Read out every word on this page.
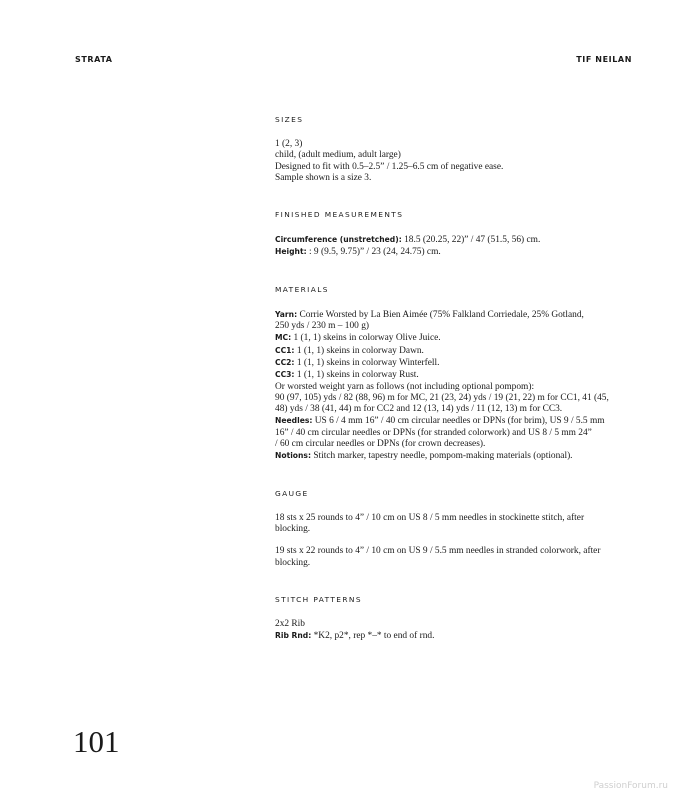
STRATA	TIF NEILAN
SIZES
1 (2, 3)
child, (adult medium, adult large)
Designed to fit with 0.5–2.5” / 1.25–6.5 cm of negative ease.
Sample shown is a size 3.
FINISHED MEASUREMENTS
Circumference (unstretched): 18.5 (20.25, 22)” / 47 (51.5, 56) cm.
Height: : 9 (9.5, 9.75)” / 23 (24, 24.75) cm.
MATERIALS
Yarn: Corrie Worsted by La Bien Aimée (75% Falkland Corriedale, 25% Gotland,
250 yds / 230 m – 100 g)
MC: 1 (1, 1) skeins in colorway Olive Juice.
CC1: 1 (1, 1) skeins in colorway Dawn.
CC2: 1 (1, 1) skeins in colorway Winterfell.
CC3: 1 (1, 1) skeins in colorway Rust.
Or worsted weight yarn as follows (not including optional pompom):
90 (97, 105) yds / 82 (88, 96) m for MC, 21 (23, 24) yds / 19 (21, 22) m for CC1, 41 (45,
48) yds / 38 (41, 44) m for CC2 and 12 (13, 14) yds / 11 (12, 13) m for CC3.
Needles: US 6 / 4 mm 16” / 40 cm circular needles or DPNs (for brim), US 9 / 5.5 mm
16” / 40 cm circular needles or DPNs (for stranded colorwork) and US 8 / 5 mm 24”
/ 60 cm circular needles or DPNs (for crown decreases).
Notions: Stitch marker, tapestry needle, pompom-making materials (optional).
GAUGE
18 sts x 25 rounds to 4” / 10 cm on US 8 / 5 mm needles in stockinette stitch, after
blocking.
19 sts x 22 rounds to 4” / 10 cm on US 9 / 5.5 mm needles in stranded colorwork, after
blocking.
STITCH PATTERNS
2x2 Rib
Rib Rnd: *K2, p2*, rep *–* to end of rnd.
101
PassionForum.ru
